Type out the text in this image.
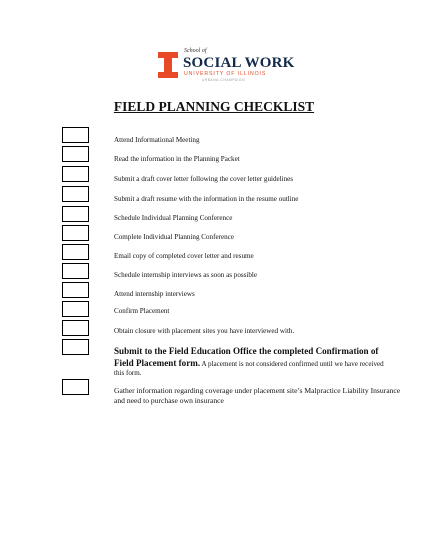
School of
SOCIAL WORK
UNIVERSITY OF ILLINOIS
URBANA-CHAMPAIGN
FIELD PLANNING CHECKLIST
Attend Informational Meeting
Read the information in the Planning Packet
Submit a draft cover letter following the cover letter guidelines
Submit a draft resume with the information in the resume outline
Schedule Individual Planning Conference
Complete Individual Planning Conference
Email copy of completed cover letter and resume
Schedule internship interviews as soon as possible
Attend internship interviews
Confirm Placement
Obtain closure with placement sites you have interviewed with.
Submit to the Field Education Office the completed Confirmation of Field Placement form. A placement is not considered confirmed until we have received this form.
Gather information regarding coverage under placement site’s Malpractice Liability Insurance and need to purchase own insurance
